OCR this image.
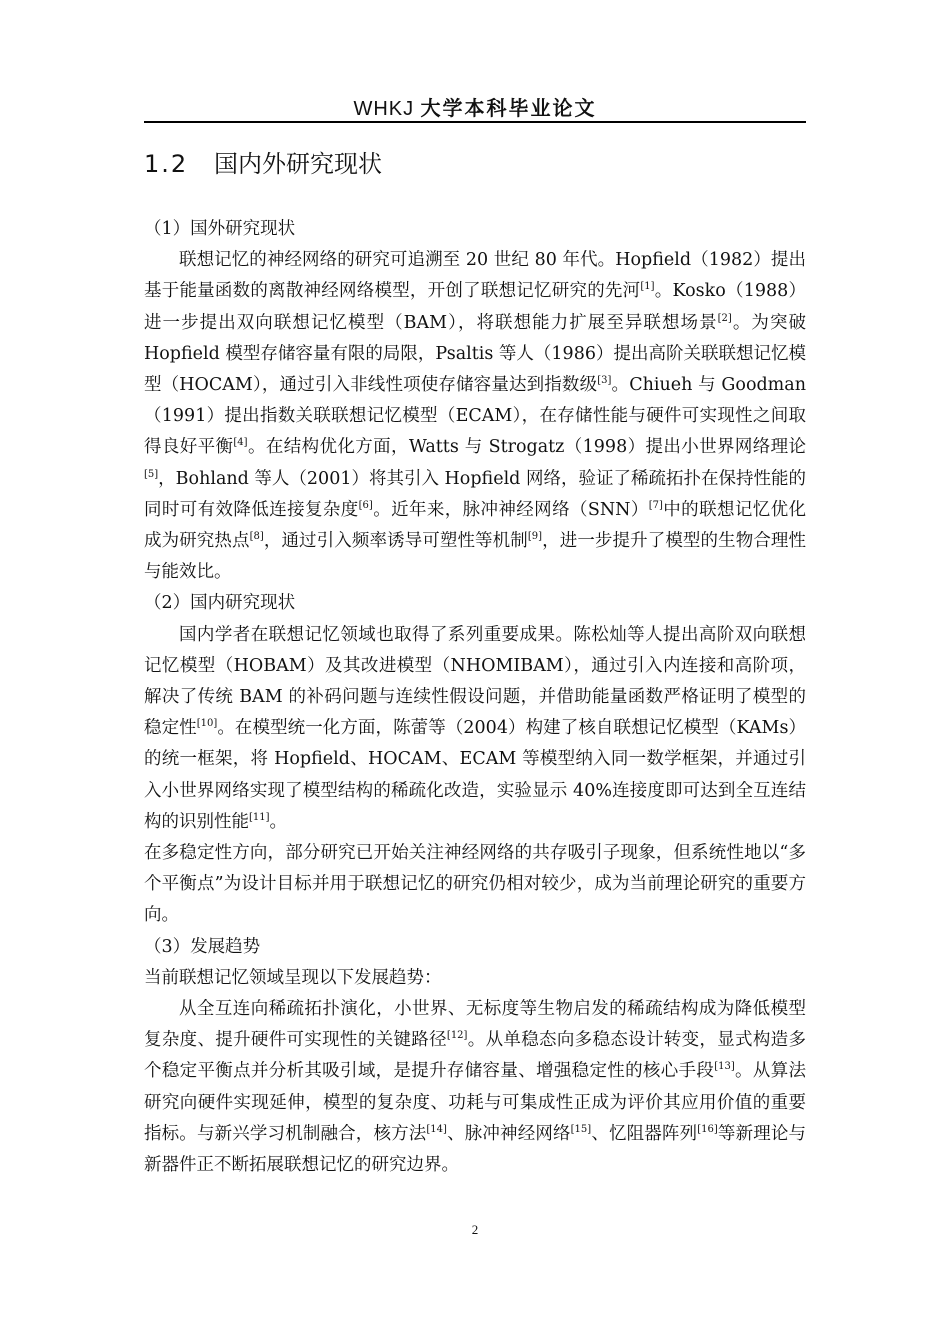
WHKJ 大学本科毕业论文
1.2 国内外研究现状

（1）国外研究现状

联想记忆的神经网络的研究可追溯至 20 世纪 80 年代。Hopfield（1982）提出基于能量函数的离散神经网络模型，开创了联想记忆研究的先河[1]。Kosko（1988）进一步提出双向联想记忆模型（BAM），将联想能力扩展至异联想场景[2]。为突破 Hopfield 模型存储容量有限的局限，Psaltis 等人（1986）提出高阶关联联想记忆模型（HOCAM），通过引入非线性项使存储容量达到指数级[3]。Chiueh 与 Goodman（1991）提出指数关联联想记忆模型（ECAM），在存储性能与硬件可实现性之间取得良好平衡[4]。在结构优化方面，Watts 与 Strogatz（1998）提出小世界网络理论[5]，Bohland 等人（2001）将其引入 Hopfield 网络，验证了稀疏拓扑在保持性能的同时可有效降低连接复杂度[6]。近年来，脉冲神经网络（SNN）[7]中的联想记忆优化成为研究热点[8]，通过引入频率诱导可塑性等机制[9]，进一步提升了模型的生物合理性与能效比。

（2）国内研究现状

国内学者在联想记忆领域也取得了系列重要成果。陈松灿等人提出高阶双向联想记忆模型（HOBAM）及其改进模型（NHOMIBAM），通过引入内连接和高阶项，解决了传统 BAM 的补码问题与连续性假设问题，并借助能量函数严格证明了模型的稳定性[10]。在模型统一化方面，陈蕾等（2004）构建了核自联想记忆模型（KAMs）的统一框架，将 Hopfield、HOCAM、ECAM 等模型纳入同一数学框架，并通过引入小世界网络实现了模型结构的稀疏化改造，实验显示 40%连接度即可达到全互连结构的识别性能[11]。

在多稳定性方向，部分研究已开始关注神经网络的共存吸引子现象，但系统性地以“多个平衡点”为设计目标并用于联想记忆的研究仍相对较少，成为当前理论研究的重要方向。

（3）发展趋势

当前联想记忆领域呈现以下发展趋势：

从全互连向稀疏拓扑演化，小世界、无标度等生物启发的稀疏结构成为降低模型复杂度、提升硬件可实现性的关键路径[12]。从单稳态向多稳态设计转变，显式构造多个稳定平衡点并分析其吸引域，是提升存储容量、增强稳定性的核心手段[13]。从算法研究向硬件实现延伸，模型的复杂度、功耗与可集成性正成为评价其应用价值的重要指标。与新兴学习机制融合，核方法[14]、脉冲神经网络[15]、忆阻器阵列[16]等新理论与新器件正不断拓展联想记忆的研究边界。

2
